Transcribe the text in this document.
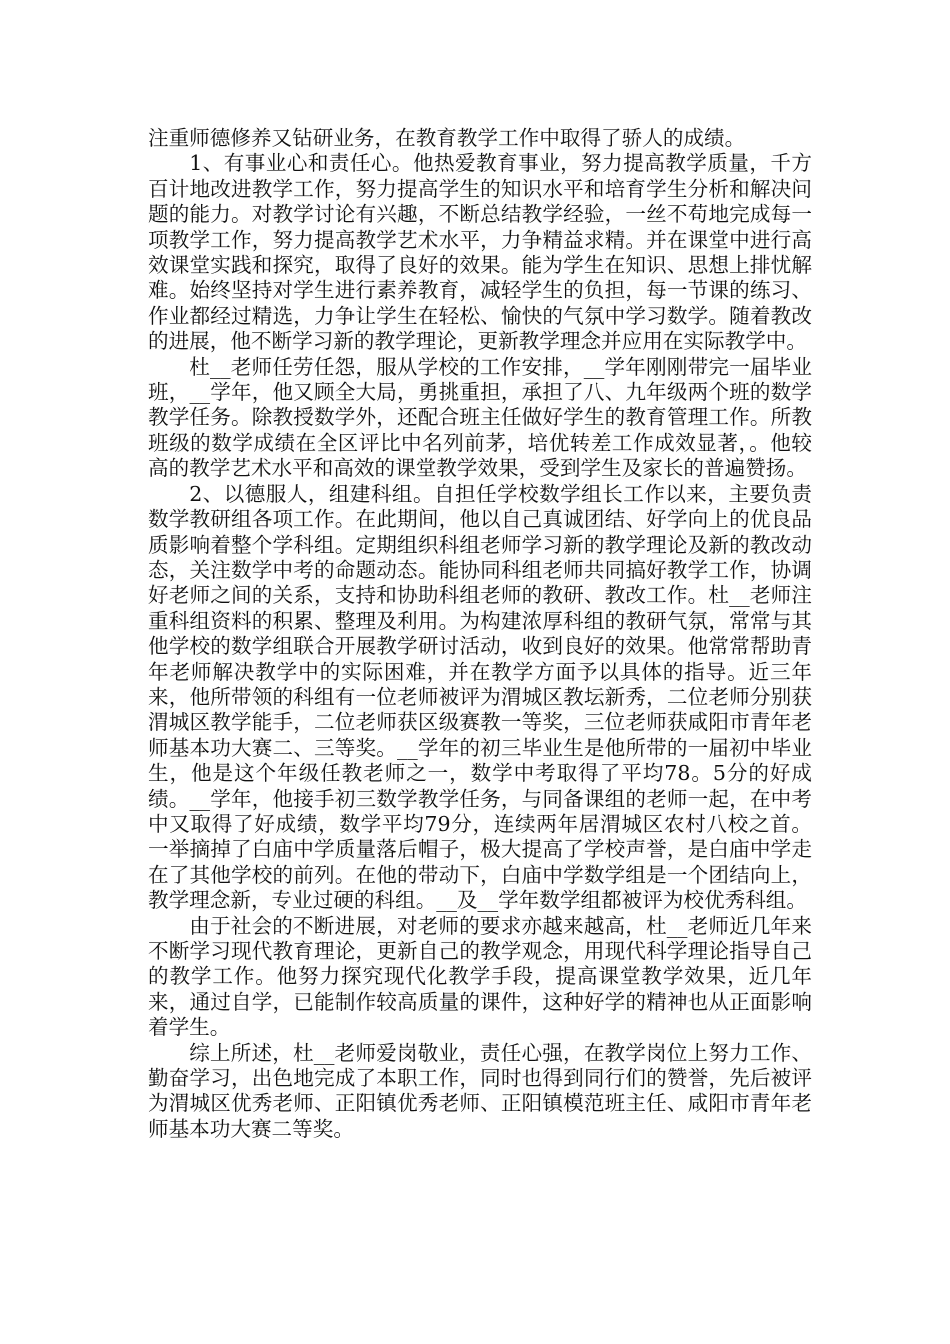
注重师德修养又钻研业务，在教育教学工作中取得了骄人的成绩。

1、有事业心和责任心。他热爱教育事业，努力提高教学质量，千方百计地改进教学工作，努力提高学生的知识水平和培育学生分析和解决问题的能力。对教学讨论有兴趣，不断总结教学经验，一丝不苟地完成每一项教学工作，努力提高教学艺术水平，力争精益求精。并在课堂中进行高效课堂实践和探究，取得了良好的效果。能为学生在知识、思想上排忧解难。始终坚持对学生进行素养教育，减轻学生的负担，每一节课的练习、作业都经过精选，力争让学生在轻松、愉快的气氛中学习数学。随着教改的进展，他不断学习新的教学理论，更新教学理念并应用在实际教学中。

杜__老师任劳任怨，服从学校的工作安排，__学年刚刚带完一届毕业班，__学年，他又顾全大局，勇挑重担，承担了八、九年级两个班的数学教学任务。除教授数学外，还配合班主任做好学生的教育管理工作。所教班级的数学成绩在全区评比中名列前茅，培优转差工作成效显著，。他较高的教学艺术水平和高效的课堂教学效果，受到学生及家长的普遍赞扬。

2、以德服人，组建科组。自担任学校数学组长工作以来，主要负责数学教研组各项工作。在此期间，他以自己真诚团结、好学向上的优良品质影响着整个学科组。定期组织科组老师学习新的教学理论及新的教改动态，关注数学中考的命题动态。能协同科组老师共同搞好教学工作，协调好老师之间的关系，支持和协助科组老师的教研、教改工作。杜__老师注重科组资料的积累、整理及利用。为构建浓厚科组的教研气氛，常常与其他学校的数学组联合开展教学研讨活动，收到良好的效果。他常常帮助青年老师解决教学中的实际困难，并在教学方面予以具体的指导。近三年来，他所带领的科组有一位老师被评为渭城区教坛新秀，二位老师分别获渭城区教学能手，二位老师获区级赛教一等奖，三位老师获咸阳市青年老师基本功大赛二、三等奖。__学年的初三毕业生是他所带的一届初中毕业生，他是这个年级任教老师之一，数学中考取得了平均78。5分的好成绩。__学年，他接手初三数学教学任务，与同备课组的老师一起，在中考中又取得了好成绩，数学平均79分，连续两年居渭城区农村八校之首。一举摘掉了白庙中学质量落后帽子，极大提高了学校声誉，是白庙中学走在了其他学校的前列。在他的带动下，白庙中学数学组是一个团结向上，教学理念新，专业过硬的科组。__及__学年数学组都被评为校优秀科组。

由于社会的不断进展，对老师的要求亦越来越高，杜__老师近几年来不断学习现代教育理论，更新自己的教学观念，用现代科学理论指导自己的教学工作。他努力探究现代化教学手段，提高课堂教学效果，近几年来，通过自学，已能制作较高质量的课件，这种好学的精神也从正面影响着学生。

综上所述，杜__老师爱岗敬业，责任心强，在教学岗位上努力工作、勤奋学习，出色地完成了本职工作，同时也得到同行们的赞誉，先后被评为渭城区优秀老师、正阳镇优秀老师、正阳镇模范班主任、咸阳市青年老师基本功大赛二等奖。
